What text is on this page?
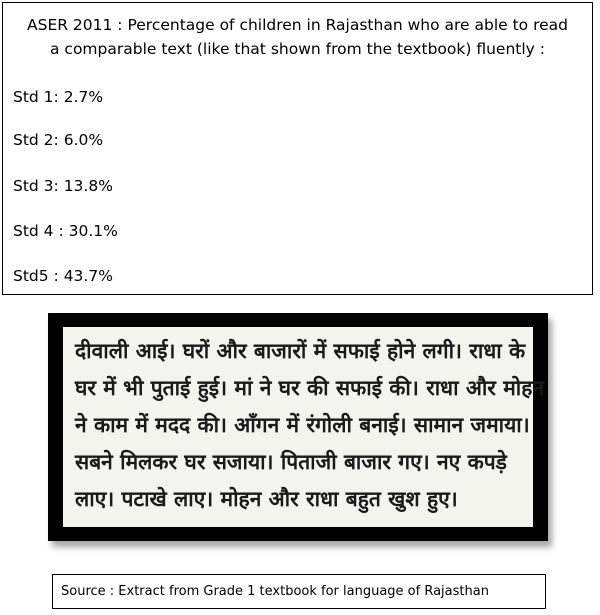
ASER 2011 : Percentage of children in Rajasthan who are able to read
a comparable text (like that shown from the textbook) fluently :

Std 1: 2.7%

Std 2: 6.0%

Std 3: 13.8%

Std 4 : 30.1%

Std5 : 43.7%

दीवाली आई। घरों और बाजारों में सफाई होने लगी। राधा के

घर में भी पुताई हुई। मां ने घर की सफाई की। राधा और मोहन

ने काम में मदद की। आँगन में रंगोली बनाई। सामान जमाया।

सबने मिलकर घर सजाया। पिताजी बाजार गए। नए कपड़े

लाए। पटाखे लाए। मोहन और राधा बहुत खुश हुए।

Source : Extract from Grade 1 textbook for language of Rajasthan
